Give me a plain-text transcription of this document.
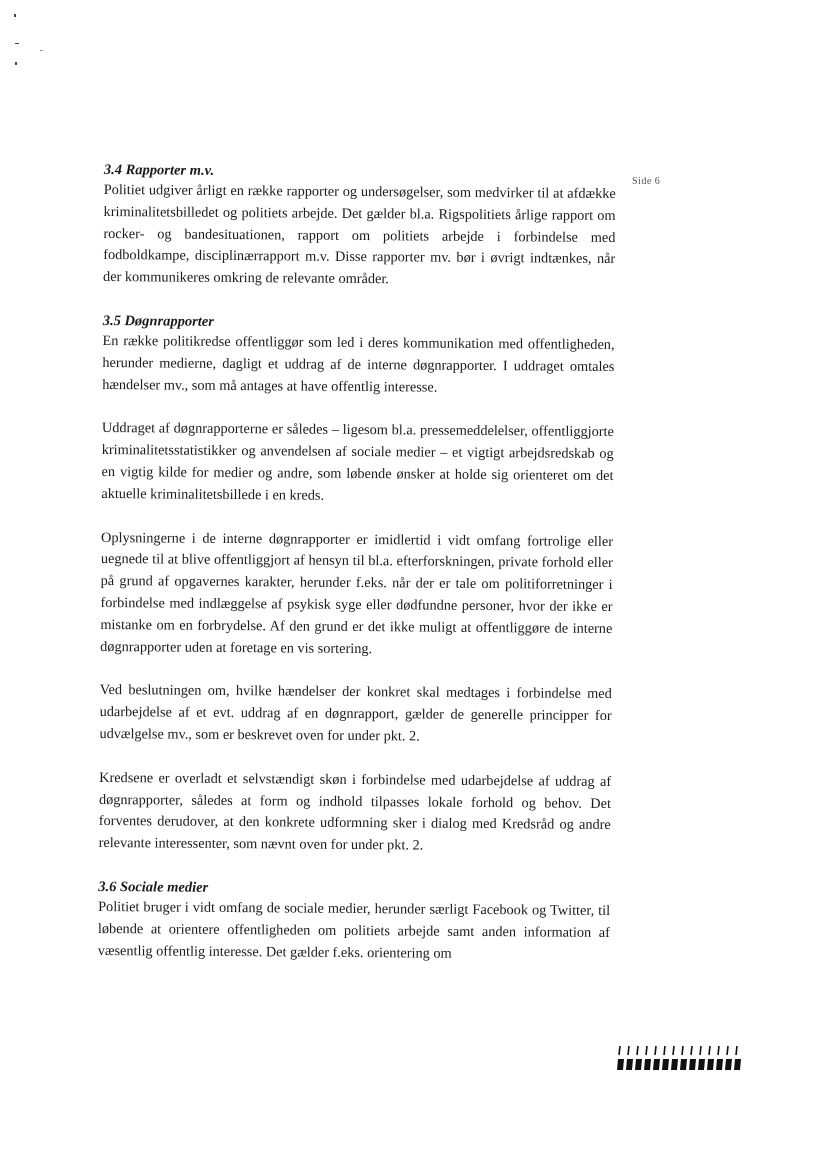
Side 6
3.4 Rapporter m.v.

Politiet udgiver årligt en række rapporter og undersøgelser, som medvirker til at afdække kriminalitetsbilledet og politiets arbejde. Det gælder bl.a. Rigspolitiets årlige rapport om rocker- og bandesituationen, rapport om politiets arbejde i forbindelse med fodboldkampe, disciplinærrapport m.v. Disse rapporter mv. bør i øvrigt indtænkes, når der kommunikeres omkring de relevante områder.

3.5 Døgnrapporter

En række politikredse offentliggør som led i deres kommunikation med offentligheden, herunder medierne, dagligt et uddrag af de interne døgnrapporter. I uddraget omtales hændelser mv., som må antages at have offentlig interesse.

Uddraget af døgnrapporterne er således – ligesom bl.a. pressemeddelelser, offentliggjorte kriminalitetsstatistikker og anvendelsen af sociale medier – et vigtigt arbejdsredskab og en vigtig kilde for medier og andre, som løbende ønsker at holde sig orienteret om det aktuelle kriminalitetsbillede i en kreds.

Oplysningerne i de interne døgnrapporter er imidlertid i vidt omfang fortrolige eller uegnede til at blive offentliggjort af hensyn til bl.a. efterforskningen, private forhold eller på grund af opgavernes karakter, herunder f.eks. når der er tale om politiforretninger i forbindelse med indlæggelse af psykisk syge eller dødfundne personer, hvor der ikke er mistanke om en forbrydelse. Af den grund er det ikke muligt at offentliggøre de interne døgnrapporter uden at foretage en vis sortering.

Ved beslutningen om, hvilke hændelser der konkret skal medtages i forbindelse med udarbejdelse af et evt. uddrag af en døgnrapport, gælder de generelle principper for udvælgelse mv., som er beskrevet oven for under pkt. 2.

Kredsene er overladt et selvstændigt skøn i forbindelse med udarbejdelse af uddrag af døgnrapporter, således at form og indhold tilpasses lokale forhold og behov. Det forventes derudover, at den konkrete udformning sker i dialog med Kredsråd og andre relevante interessenter, som nævnt oven for under pkt. 2.

3.6 Sociale medier

Politiet bruger i vidt omfang de sociale medier, herunder særligt Facebook og Twitter, til løbende at orientere offentligheden om politiets arbejde samt anden information af væsentlig offentlig interesse. Det gælder f.eks. orientering om
